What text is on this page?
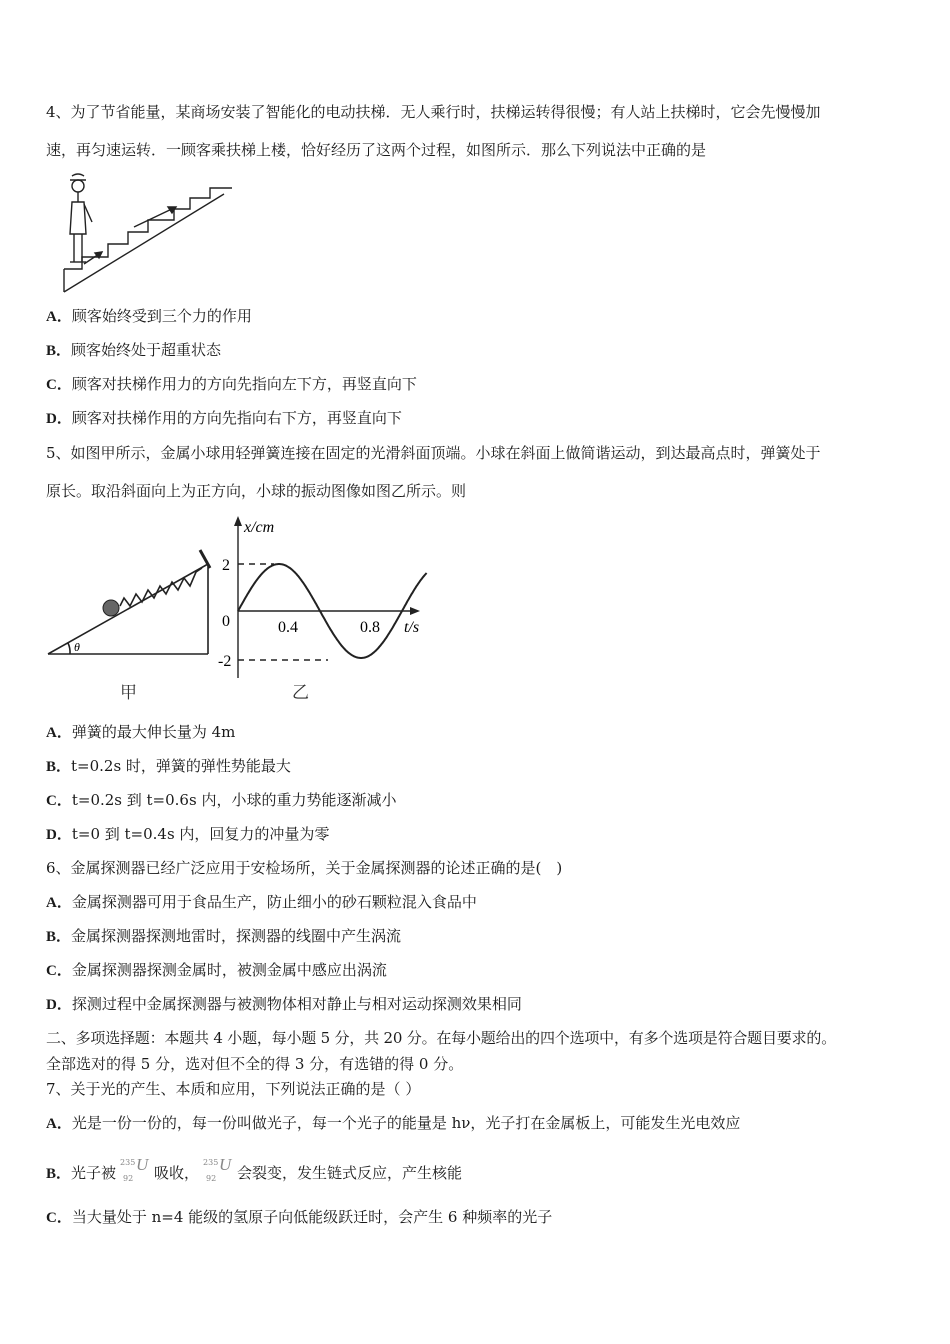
4、为了节省能量，某商场安装了智能化的电动扶梯．无人乘行时，扶梯运转得很慢；有人站上扶梯时，它会先慢慢加
速，再匀速运转．一顾客乘扶梯上楼，恰好经历了这两个过程，如图所示．那么下列说法中正确的是
A．顾客始终受到三个力的作用
B．顾客始终处于超重状态
C．顾客对扶梯作用力的方向先指向左下方，再竖直向下
D．顾客对扶梯作用的方向先指向右下方，再竖直向下
5、如图甲所示，金属小球用轻弹簧连接在固定的光滑斜面顶端。小球在斜面上做简谐运动，到达最高点时，弹簧处于
原长。取沿斜面向上为正方向，小球的振动图像如图乙所示。则
θ
甲
x/cm
t/s
2
-2
0	0.4	0.8
乙
A．弹簧的最大伸长量为 4m
B．t=0.2s 时，弹簧的弹性势能最大
C．t=0.2s 到 t=0.6s 内，小球的重力势能逐渐减小
D．t=0 到 t=0.4s 内，回复力的冲量为零
6、金属探测器已经广泛应用于安检场所，关于金属探测器的论述正确的是(　)
A．金属探测器可用于食品生产，防止细小的砂石颗粒混入食品中
B．金属探测器探测地雷时，探测器的线圈中产生涡流
C．金属探测器探测金属时，被测金属中感应出涡流
D．探测过程中金属探测器与被测物体相对静止与相对运动探测效果相同
二、多项选择题：本题共 4 小题，每小题 5 分，共 20 分。在每小题给出的四个选项中，有多个选项是符合题目要求的。
全部选对的得 5 分，选对但不全的得 3 分，有选错的得 0 分。
7、关于光的产生、本质和应用，下列说法正确的是（ ）
A．光是一份一份的，每一份叫做光子，每一个光子的能量是 hν，光子打在金属板上，可能发生光电效应
B．光子被
235
92
U 吸收，
235
92
U 会裂变，发生链式反应，产生核能
C．当大量处于 n=4 能级的氢原子向低能级跃迁时，会产生 6 种频率的光子
